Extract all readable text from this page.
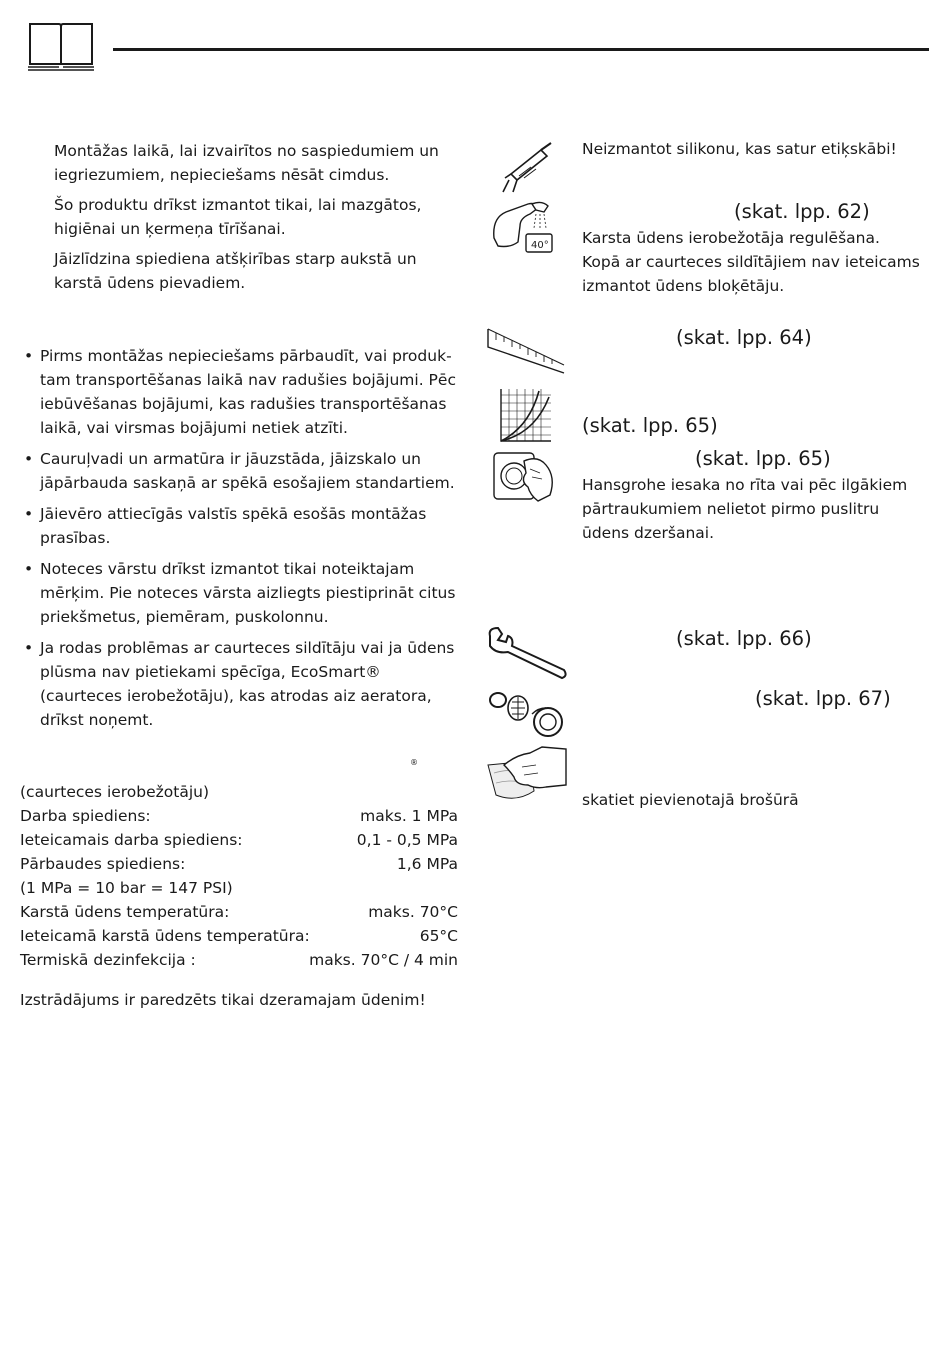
Montāžas laikā, lai izvairītos no saspiedumiem un iegriezumiem, nepieciešams nēsāt cimdus.

Šo produktu drīkst izmantot tikai, lai mazgātos, higiēnai un ķermeņa tīrīšanai.

Jāizlīdzina spiediena atšķirības starp aukstā un karstā ūdens pievadiem.

• Pirms montāžas nepieciešams pārbaudīt, vai produktam transportēšanas laikā nav radušies bojājumi. Pēc iebūvēšanas bojājumi, kas radušies transportēšanas laikā, vai virsmas bojājumi netiek atzīti.
• Cauruļvadi un armatūra ir jāuzstāda, jāizskalo un jāpārbauda saskaņā ar spēkā esošajiem standartiem.
• Jāievēro attiecīgās valstīs spēkā esošās montāžas prasības.
• Noteces vārstu drīkst izmantot tikai noteiktajam mērķim. Pie noteces vārsta aizliegts piestiprināt citus priekšmetus, piemēram, puskolonnu.
• Ja rodas problēmas ar caurteces sildītāju vai ja ūdens plūsma nav pietiekami spēcīga, EcoSmart® (caurteces ierobežotāju), kas atrodas aiz aeratora, drīkst noņemt.
®
(caurteces ierobežotāju)
Darba spiediens:	maks. 1 MPa
Ieteicamais darba spiediens:	0,1 - 0,5 MPa
Pārbaudes spiediens:	1,6 MPa
(1 MPa = 10 bar = 147 PSI)
Karstā ūdens temperatūra:	maks. 70°C
Ieteicamā karstā ūdens temperatūra:	65°C
Termiskā dezinfekcija :	maks. 70°C / 4 min
Izstrādājums ir paredzēts tikai dzeramajam ūdenim!
40°
Neizmantot silikonu, kas satur etiķskābi!
(skat. lpp. 62)
Karsta ūdens ierobežotāja regulēšana.
Kopā ar caurteces sildītājiem nav ieteicams izmantot ūdens bloķētāju.
(skat. lpp. 64)
(skat. lpp. 65)
(skat. lpp. 65)
Hansgrohe iesaka no rīta vai pēc ilgākiem pārtraukumiem nelietot pirmo puslitru ūdens dzeršanai.
(skat. lpp. 66)
(skat. lpp. 67)
skatiet pievienotajā brošūrā
